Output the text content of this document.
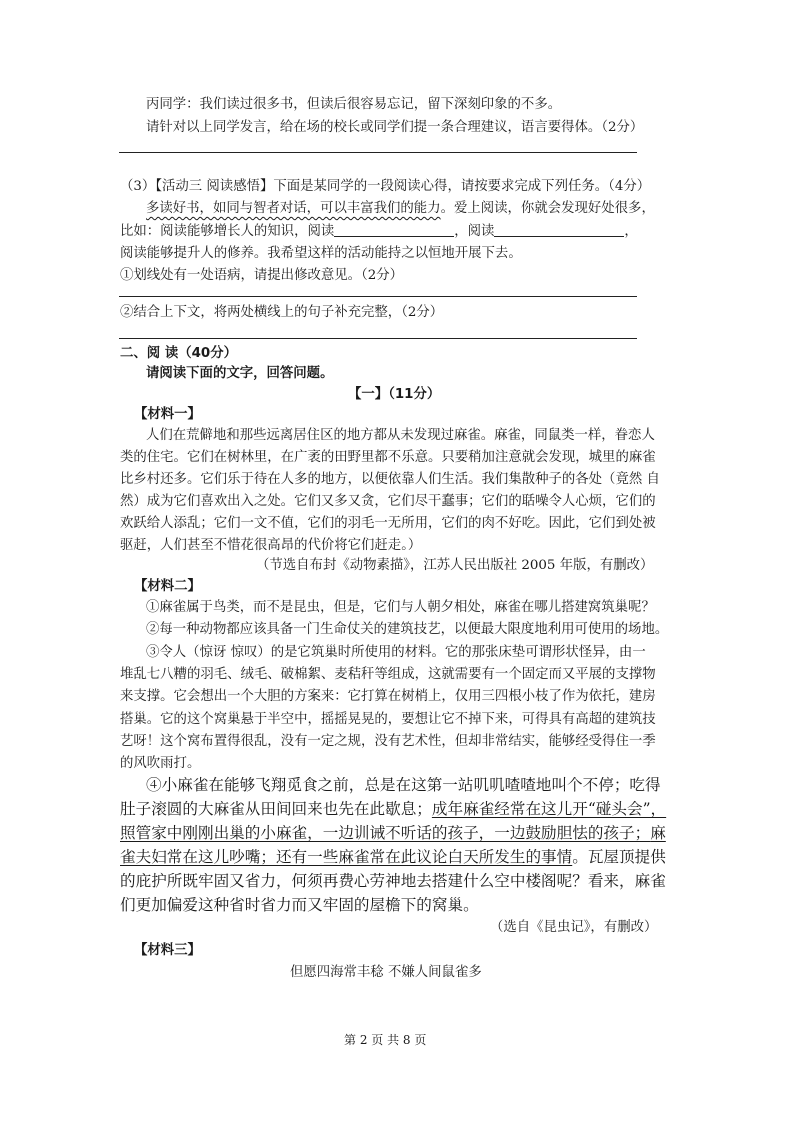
丙同学：我们读过很多书，但读后很容易忘记，留下深刻印象的不多。
请针对以上同学发言，给在场的校长或同学们提一条合理建议，语言要得体。（2分）
（3）【活动三 阅读感悟】下面是某同学的一段阅读心得，请按要求完成下列任务。（4分）
多读好书，如同与智者对话，可以丰富我们的能力。爱上阅读，你就会发现好处很多，
比如：阅读能够增长人的知识，阅读	，阅读	，
阅读能够提升人的修养。我希望这样的活动能持之以恒地开展下去。
①划线处有一处语病，请提出修改意见。（2分）
②结合上下文，将两处横线上的句子补充完整，（2分）
二、阅 读（40分）
请阅读下面的文字，回答问题。
【一】（11分）
【材料一】
人们在荒僻地和那些远离居住区的地方都从未发现过麻雀。麻雀，同鼠类一样，眷恋人
类的住宅。它们在树林里，在广袤的田野里都不乐意。只要稍加注意就会发现，城里的麻雀
比乡村还多。它们乐于待在人多的地方，以便依靠人们生活。我们集散种子的各处（竟然 自
然）成为它们喜欢出入之处。它们又多又贪，它们尽干蠢事；它们的聒噪令人心烦，它们的
欢跃给人添乱；它们一文不值，它们的羽毛一无所用，它们的肉不好吃。因此，它们到处被
驱赶，人们甚至不惜花很高昂的代价将它们赶走。）
（节选自布封《动物素描》，江苏人民出版社 2005 年版，有删改）
【材料二】
①麻雀属于鸟类，而不是昆虫，但是，它们与人朝夕相处，麻雀在哪儿搭建窝筑巢呢？
②每一种动物都应该具备一门生命仗关的建筑技艺，以便最大限度地利用可使用的场地。
③令人（惊讶 惊叹）的是它筑巢时所使用的材料。它的那张床垫可谓形状怪异，由一
堆乱七八糟的羽毛、绒毛、破棉絮、麦秸秆等组成，这就需要有一个固定而又平展的支撑物
来支撑。它会想出一个大胆的方案来：它打算在树梢上，仅用三四根小枝了作为依托，建房
搭巢。它的这个窝巢悬于半空中，摇摇晃晃的，要想让它不掉下来，可得具有高超的建筑技
艺呀！这个窝布置得很乱，没有一定之规，没有艺术性，但却非常结实，能够经受得住一季
的风吹雨打。
④小麻雀在能够飞翔觅食之前，总是在这第一站叽叽喳喳地叫个不停；吃得
肚子滚圆的大麻雀从田间回来也先在此歇息；成年麻雀经常在这儿开“碰头会”，
照管家中刚刚出巢的小麻雀，一边训诫不听话的孩子，一边鼓励胆怯的孩子；麻
雀夫妇常在这儿吵嘴；还有一些麻雀常在此议论白天所发生的事情。瓦屋顶提供
的庇护所既牢固又省力，何须再费心劳神地去搭建什么空中楼阁呢？看来，麻雀
们更加偏爱这种省时省力而又牢固的屋檐下的窝巢。
（选自《昆虫记》，有删改）
【材料三】
但愿四海常丰稔 不嫌人间鼠雀多
第 2 页 共 8 页
